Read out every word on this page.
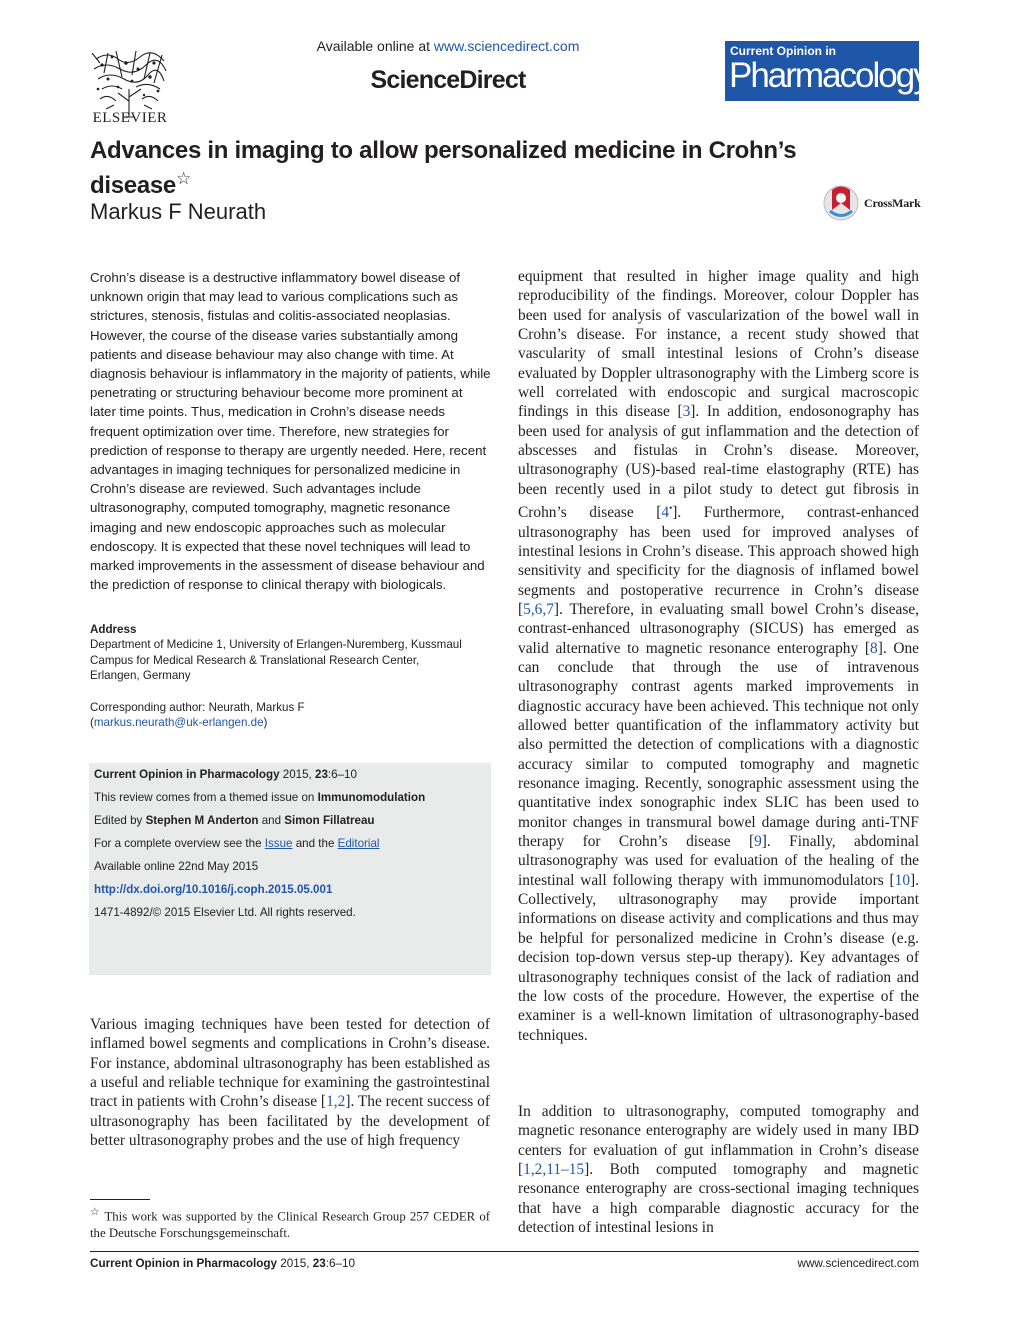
ELSEVIER
Available online at www.sciencedirect.com
ScienceDirect
Current Opinion in
Pharmacology
Advances in imaging to allow personalized medicine in Crohn’s disease☆
Markus F Neurath	CrossMark

Crohn’s disease is a destructive inflammatory bowel disease of unknown origin that may lead to various complications such as strictures, stenosis, fistulas and colitis-associated neoplasias. However, the course of the disease varies substantially among patients and disease behaviour may also change with time. At diagnosis behaviour is inflammatory in the majority of patients, while penetrating or structuring behaviour become more prominent at later time points. Thus, medication in Crohn’s disease needs frequent optimization over time. Therefore, new strategies for prediction of response to therapy are urgently needed. Here, recent advantages in imaging techniques for personalized medicine in Crohn’s disease are reviewed. Such advantages include ultrasonography, computed tomography, magnetic resonance imaging and new endoscopic approaches such as molecular endoscopy. It is expected that these novel techniques will lead to marked improvements in the assessment of disease behaviour and the prediction of response to clinical therapy with biologicals.

Address
Department of Medicine 1, University of Erlangen-Nuremberg, Kussmaul
Campus for Medical Research & Translational Research Center,
Erlangen, Germany
Corresponding author: Neurath, Markus F
(markus.neurath@uk-erlangen.de)
Current Opinion in Pharmacology 2015, 23:6–10
This review comes from a themed issue on Immunomodulation
Edited by Stephen M Anderton and Simon Fillatreau
For a complete overview see the Issue and the Editorial
Available online 22nd May 2015
http://dx.doi.org/10.1016/j.coph.2015.05.001
1471-4892/© 2015 Elsevier Ltd. All rights reserved.

Various imaging techniques have been tested for detection of inflamed bowel segments and complications in Crohn’s disease. For instance, abdominal ultrasonography has been established as a useful and reliable technique for examining the gastrointestinal tract in patients with Crohn’s disease [1,2]. The recent success of ultrasonography has been facilitated by the development of better ultrasonography probes and the use of high frequency

equipment that resulted in higher image quality and high reproducibility of the findings. Moreover, colour Doppler has been used for analysis of vascularization of the bowel wall in Crohn’s disease. For instance, a recent study showed that vascularity of small intestinal lesions of Crohn’s disease evaluated by Doppler ultrasonography with the Limberg score is well correlated with endoscopic and surgical macroscopic findings in this disease [3]. In addition, endosonography has been used for analysis of gut inflammation and the detection of abscesses and fistulas in Crohn’s disease. Moreover, ultrasonography (US)-based real-time elastography (RTE) has been recently used in a pilot study to detect gut fibrosis in Crohn’s disease [4•]. Furthermore, contrast-enhanced ultrasonography has been used for improved analyses of intestinal lesions in Crohn’s disease. This approach showed high sensitivity and specificity for the diagnosis of inflamed bowel segments and postoperative recurrence in Crohn’s disease [5,6,7]. Therefore, in evaluating small bowel Crohn’s disease, contrast-enhanced ultrasonography (SICUS) has emerged as valid alternative to magnetic resonance enterography [8]. One can conclude that through the use of intravenous ultrasonography contrast agents marked improvements in diagnostic accuracy have been achieved. This technique not only allowed better quantification of the inflammatory activity but also permitted the detection of complications with a diagnostic accuracy similar to computed tomography and magnetic resonance imaging. Recently, sonographic assessment using the quantitative index sonographic index SLIC has been used to monitor changes in transmural bowel damage during anti-TNF therapy for Crohn’s disease [9]. Finally, abdominal ultrasonography was used for evaluation of the healing of the intestinal wall following therapy with immunomodulators [10]. Collectively, ultrasonography may provide important informations on disease activity and complications and thus may be helpful for personalized medicine in Crohn’s disease (e.g. decision top-down versus step-up therapy). Key advantages of ultrasonography techniques consist of the lack of radiation and the low costs of the procedure. However, the expertise of the examiner is a well-known limitation of ultrasonography-based techniques.

In addition to ultrasonography, computed tomography and magnetic resonance enterography are widely used in many IBD centers for evaluation of gut inflammation in Crohn’s disease [1,2,11–15]. Both computed tomography and magnetic resonance enterography are cross-sectional imaging techniques that have a high comparable diagnostic accuracy for the detection of intestinal lesions in

☆ This work was supported by the Clinical Research Group 257 CEDER of the Deutsche Forschungsgemeinschaft.
Current Opinion in Pharmacology 2015, 23:6–10	www.sciencedirect.com
